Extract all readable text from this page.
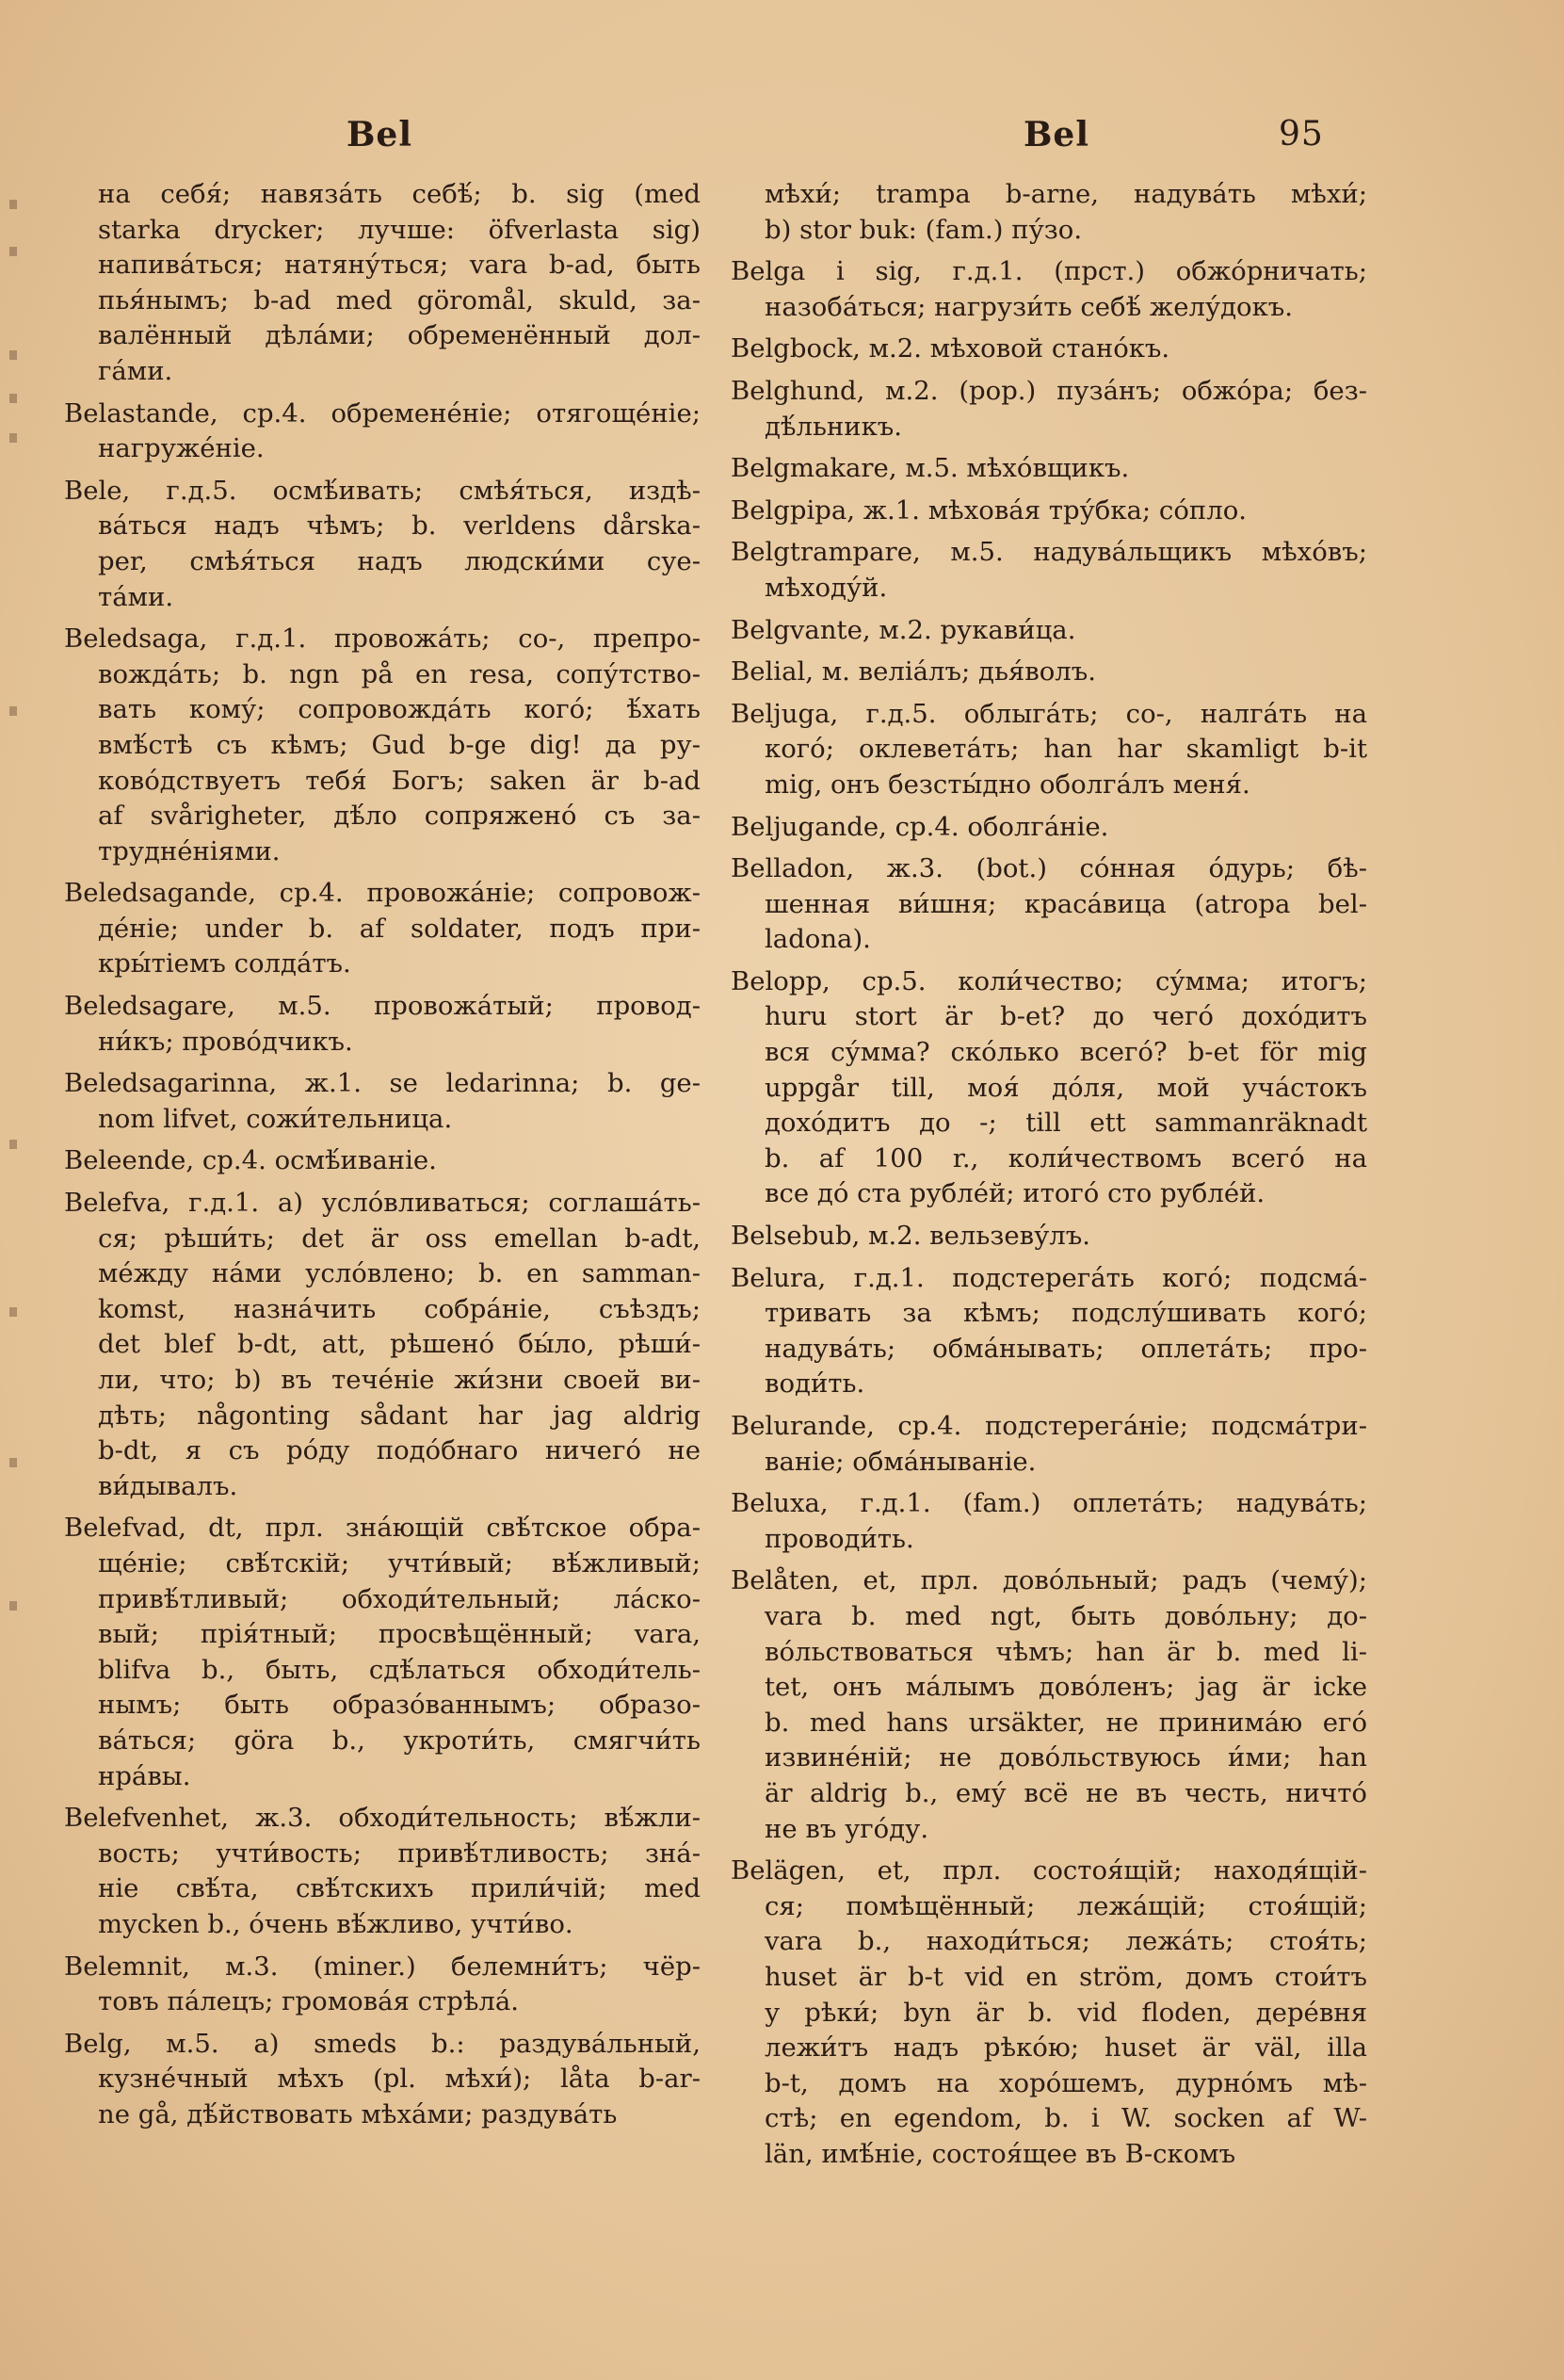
Bel	Bel	95
на себя́; навяза́ть себѣ́; b. sig (med
starka drycker; лучше: öfverlasta sig)
напива́ться; натяну́ться; vara b-ad, быть
пья́нымъ; b-ad med göromål, skuld, за-
валённый дѣла́ми; обременённый дол-
га́ми.
Belastande, ср.4. обремене́ніе; отягоще́ніе;
нагруже́ніе.
Bele, г.д.5. осмѣ́ивать; смѣя́ться, издѣ-
ва́ться надъ чѣмъ; b. verldens dårska-
per, смѣя́ться надъ людски́ми суе-
та́ми.
Beledsaga, г.д.1. провожа́ть; со-, препро-
вожда́ть; b. ngn på en resa, сопу́тство-
вать кому́; сопровожда́ть кого́; ѣ́хать
вмѣ́стѣ съ кѣмъ; Gud b-ge dig! да ру-
ково́дствуетъ тебя́ Богъ; saken är b-ad
af svårigheter, дѣ́ло сопряжено́ съ за-
трудне́ніями.
Beledsagande, ср.4. провожа́ніе; сопровож-
де́ніе; under b. af soldater, подъ при-
кры́тіемъ солда́тъ.
Beledsagare, м.5. провожа́тый; провод-
ни́къ; прово́дчикъ.
Beledsagarinna, ж.1. se ledarinna; b. ge-
nom lifvet, сожи́тельница.
Beleende, ср.4. осмѣ́иваніе.
Belefva, г.д.1. a) усло́вливаться; соглаша́ть-
ся; рѣши́ть; det är oss emellan b-adt,
ме́жду на́ми усло́влено; b. en samman-
komst, назна́чить собра́ніе, съѣздъ;
det blef b-dt, att, рѣшено́ бы́ло, рѣши́-
ли, что; b) въ тече́ніе жи́зни своей ви-
дѣть; någonting sådant har jag aldrig
b-dt, я съ ро́ду подо́бнаго ничего́ не
ви́дывалъ.
Belefvad, dt, прл. зна́ющій свѣ́тское обра-
ще́ніе; свѣ́тскій; учти́вый; вѣ́жливый;
привѣ́тливый; обходи́тельный; ла́ско-
вый; прія́тный; просвѣщённый; vara,
blifva b., быть, сдѣ́латься обходи́тель-
нымъ; быть образо́ваннымъ; образо-
ва́ться; göra b., укроти́ть, смягчи́ть
нра́вы.
Belefvenhet, ж.3. обходи́тельность; вѣ́жли-
вость; учти́вость; привѣ́тливость; зна́-
ніе свѣ́та, свѣ́тскихъ прили́чій; med
mycken b., о́чень вѣ́жливо, учти́во.
Belemnit, м.3. (miner.) белемни́тъ; чёр-
товъ па́лецъ; громова́я стрѣла́.
Belg, м.5. a) smeds b.: раздува́льный,
кузне́чный мѣхъ (pl. мѣхи́); låta b-ar-
ne gå, дѣ́йствовать мѣха́ми; раздува́ть
мѣхи́; trampa b-arne, надува́ть мѣхи́;
b) stor buk: (fam.) пу́зо.
Belga i sig, г.д.1. (прст.) обжо́рничать;
назоба́ться; нагрузи́ть себѣ́ желу́докъ.
Belgbock, м.2. мѣховой стано́къ.
Belghund, м.2. (рор.) пуза́нъ; обжо́ра; без-
дѣ́льникъ.
Belgmakare, м.5. мѣхо́вщикъ.
Belgpipa, ж.1. мѣхова́я тру́бка; со́пло.
Belgtrampare, м.5. надува́льщикъ мѣхо́въ;
мѣходу́й.
Belgvante, м.2. рукави́ца.
Belial, м. веліа́лъ; дья́волъ.
Beljuga, г.д.5. облыга́ть; со-, налга́ть на
кого́; оклевета́ть; han har skamligt b-it
mig, онъ безсты́дно оболга́лъ меня́.
Beljugande, ср.4. оболга́ніе.
Belladon, ж.3. (bot.) со́нная о́дурь; бѣ-
шенная ви́шня; краса́вица (atropa bel-
ladona).
Belopp, ср.5. коли́чество; су́мма; итогъ;
huru stort är b-et? до чего́ дохо́дитъ
вся су́мма? ско́лько всего́? b-et för mig
uppgår till, моя́ до́ля, мой уча́стокъ
дохо́дитъ до -; till ett sammanräknadt
b. af 100 r., коли́чествомъ всего́ на
все до́ ста рубле́й; итого́ сто рубле́й.
Belsebub, м.2. вельзеву́лъ.
Belura, г.д.1. подстерега́ть кого́; подсма́-
тривать за кѣмъ; подслу́шивать кого́;
надува́ть; обма́нывать; оплета́ть; про-
води́ть.
Belurande, ср.4. подстерега́ніе; подсма́три-
ваніе; обма́нываніе.
Beluxa, г.д.1. (fam.) оплета́ть; надува́ть;
проводи́ть.
Belåten, et, прл. дово́льный; радъ (чему́);
vara b. med ngt, быть дово́льну; до-
во́льствоваться чѣмъ; han är b. med li-
tet, онъ ма́лымъ дово́ленъ; jag är icke
b. med hans ursäkter, не принима́ю его́
извине́ній; не дово́льствуюсь и́ми; han
är aldrig b., ему́ всё не въ честь, ничто́
не въ уго́ду.
Belägen, et, прл. состоя́щій; находя́щій-
ся; помѣщённый; лежа́щій; стоя́щій;
vara b., находи́ться; лежа́ть; стоя́ть;
huset är b-t vid en ström, домъ стои́тъ
у рѣки́; byn är b. vid floden, дере́вня
лежи́тъ надъ рѣко́ю; huset är väl, illa
b-t, домъ на хоро́шемъ, дурно́мъ мѣ-
стѣ; en egendom, b. i W. socken af W-
län, имѣ́ніе, состоя́щее въ В-скомъ
